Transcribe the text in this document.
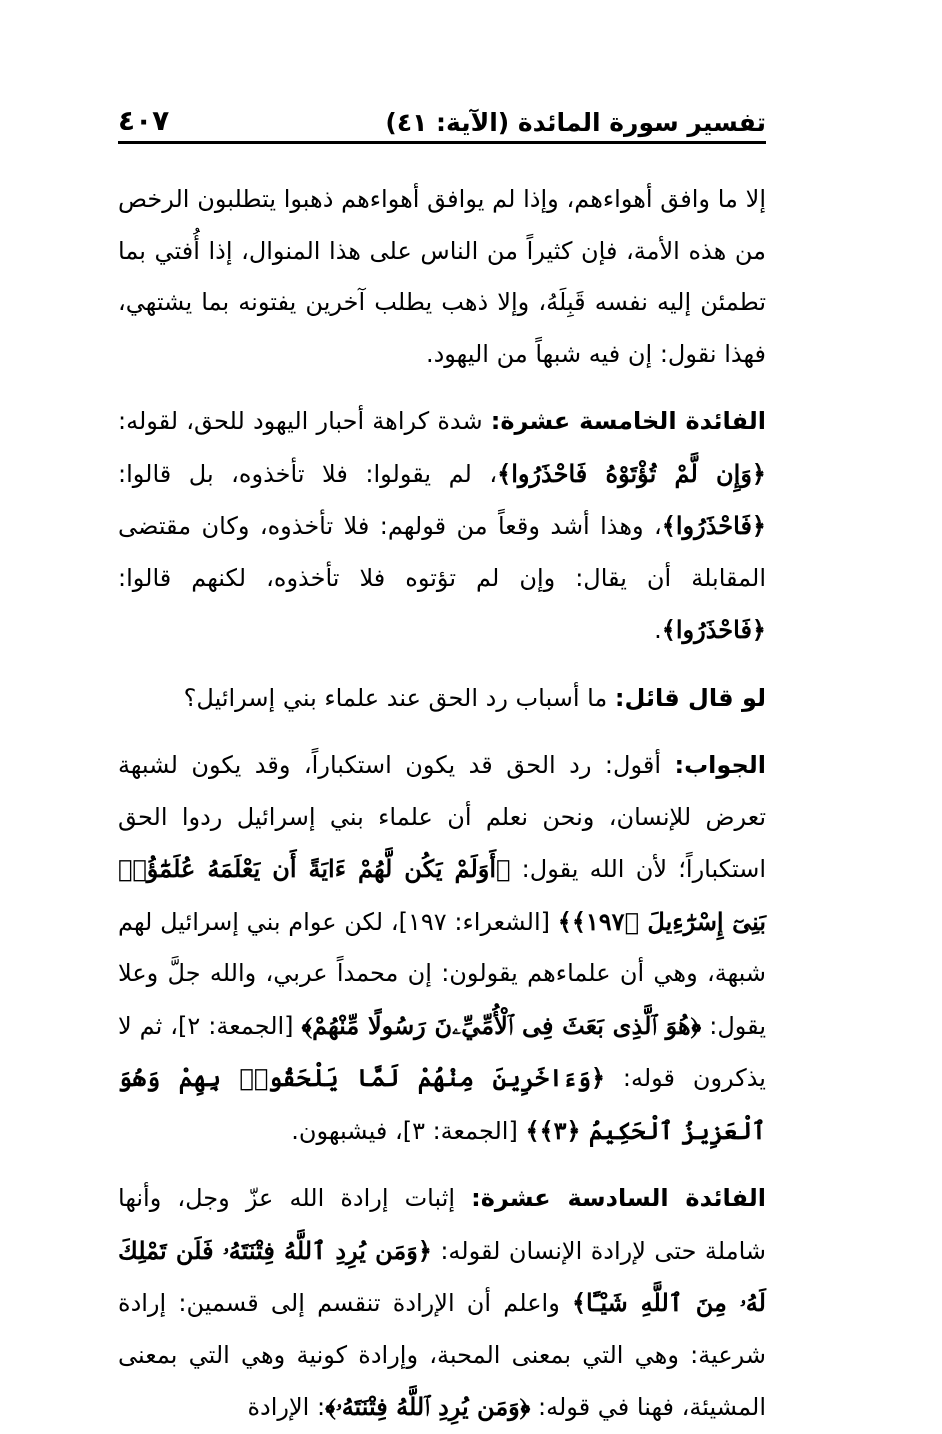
تفسير سورة المائدة (الآية: ٤١)
٤٠٧

إلا ما وافق أهواءهم، وإذا لم يوافق أهواءهم ذهبوا يتطلبون الرخص من هذه الأمة، فإن كثيراً من الناس على هذا المنوال، إذا أُفتي بما تطمئن إليه نفسه قَبِلَهُ، وإلا ذهب يطلب آخرين يفتونه بما يشتهي، فهذا نقول: إن فيه شبهاً من اليهود.

الفائدة الخامسة عشرة: شدة كراهة أحبار اليهود للحق، لقوله: ﴿وَإِن لَّمْ تُؤْتَوْهُ فَاحْذَرُوا﴾، لم يقولوا: فلا تأخذوه، بل قالوا: ﴿فَاحْذَرُوا﴾، وهذا أشد وقعاً من قولهم: فلا تأخذوه، وكان مقتضى المقابلة أن يقال: وإن لم تؤتوه فلا تأخذوه، لكنهم قالوا: ﴿فَاحْذَرُوا﴾.

لو قال قائل: ما أسباب رد الحق عند علماء بني إسرائيل؟

الجواب: أقول: رد الحق قد يكون استكباراً، وقد يكون لشبهة تعرض للإنسان، ونحن نعلم أن علماء بني إسرائيل ردوا الحق استكباراً؛ لأن الله يقول: ﴿أَوَلَمْ يَكُن لَّهُمْ ءَايَةً أَن يَعْلَمَهُ عُلَمَٰٓؤُا۟ بَنِىٓ إِسْرَٰٓءِيلَ ﴿١٩٧﴾﴾ [الشعراء: ١٩٧]، لكن عوام بني إسرائيل لهم شبهة، وهي أن علماءهم يقولون: إن محمداً عربي، والله جلَّ وعلا يقول: ﴿هُوَ ٱلَّذِى بَعَثَ فِى ٱلْأُمِّيِّۦنَ رَسُولًا مِّنْهُمْ﴾ [الجمعة: ٢]، ثم لا يذكرون قوله: ﴿وَءَاخَرِينَ مِنْهُمْ لَمَّا يَلْحَقُوا۟ بِهِمْ وَهُوَ ٱلْعَزِيزُ ٱلْحَكِيمُ ﴿٣﴾﴾ [الجمعة: ٣]، فيشبهون.

الفائدة السادسة عشرة: إثبات إرادة الله عزّ وجل، وأنها شاملة حتى لإرادة الإنسان لقوله: ﴿وَمَن يُرِدِ ٱللَّهُ فِتْنَتَهُۥ فَلَن تَمْلِكَ لَهُۥ مِنَ ٱللَّهِ شَيْـًٔا﴾ واعلم أن الإرادة تنقسم إلى قسمين: إرادة شرعية: وهي التي بمعنى المحبة، وإرادة كونية وهي التي بمعنى المشيئة، فهنا في قوله: ﴿وَمَن يُرِدِ ٱللَّهُ فِتْنَتَهُۥ﴾: الإرادة
